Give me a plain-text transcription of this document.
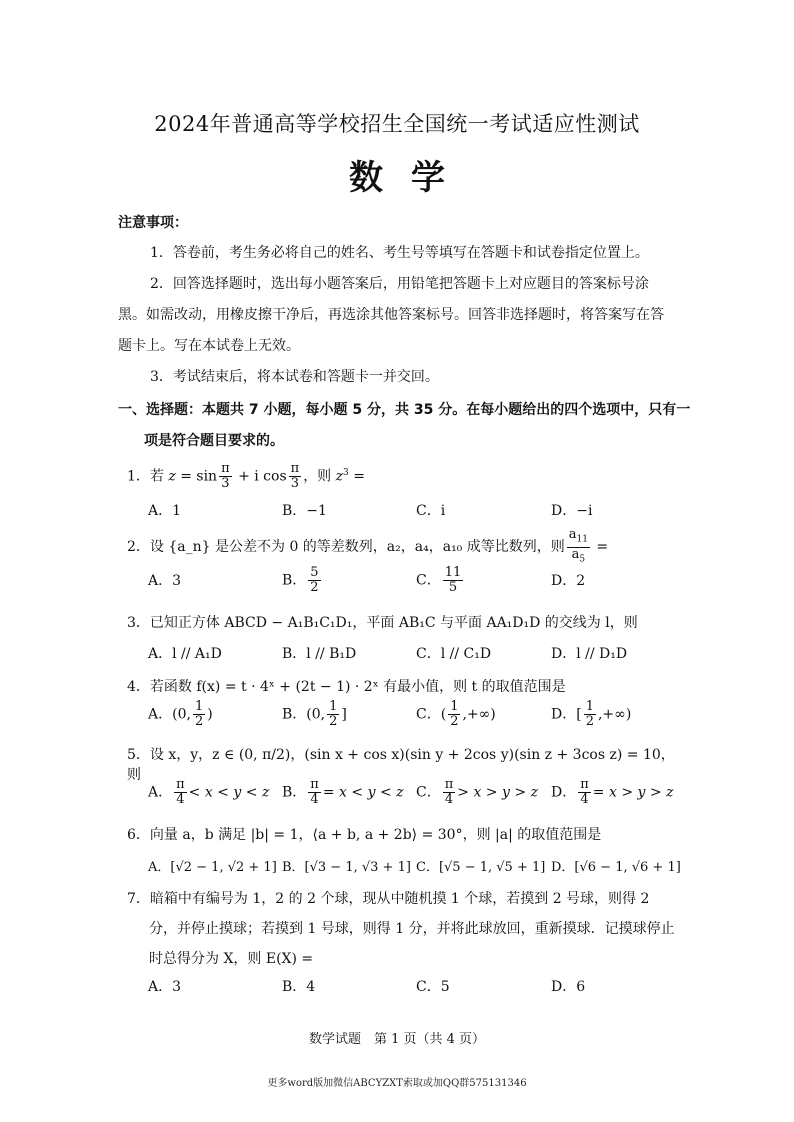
2024年普通高等学校招生全国统一考试适应性测试
数学
注意事项：
1．答卷前，考生务必将自己的姓名、考生号等填写在答题卡和试卷指定位置上。
2．回答选择题时，选出每小题答案后，用铅笔把答题卡上对应题目的答案标号涂黑。如需改动，用橡皮擦干净后，再选涂其他答案标号。回答非选择题时，将答案写在答题卡上。写在本试卷上无效。
3．考试结束后，将本试卷和答题卡一并交回。
一、选择题：本题共 7 小题，每小题 5 分，共 35 分。在每小题给出的四个选项中，只有一项是符合题目要求的。
1．若 $z = \sin \frac{\pi}{3} + i$ $\cos \frac{\pi}{3}$ ，则 $z^3$ =
A．1	B．−1	C．i	D．−i
2．设 {a_n} 是公差不为 0 的等差数列，a₂，a₄，a₁₀ 成等比数列，则 $\frac{a_{11}}{a_5}$ =
A．3	B． $\frac{5}{2}$	C． $\frac{11}{5}$	D．2
3．已知正方体 ABCD − A₁B₁C₁D₁，平面 AB₁C 与平面 AA₁D₁D 的交线为 l，则
A．l // A₁D	B．l // B₁D	C．l // C₁D	D．l // D₁D
4．若函数 f(x) = t · 4ˣ + (2t − 1) · 2ˣ 有最小值，则 t 的取值范围是
A．(0, $\frac{1}{2}$ )	B．(0, $\frac{1}{2}$ ]	C．( $\frac{1}{2}$ ,+∞)	D．[ $\frac{1}{2}$ ,+∞)
5．设 x，y，z ∈ (0, π/2)，(sin x + cos x)(sin y + 2cos y)(sin z + 3cos z) = 10，则
A． $\frac{\pi}{4} < x < y < z$ B． $\frac{\pi}{4} = x < y < z$ C． $\frac{\pi}{4} > x > y > z$ D． $\frac{\pi}{4} = x > y > z$
6．向量 a，b 满足 |b| = 1，⟨a + b, a + 2b⟩ = 30°，则 |a| 的取值范围是
A．[√2 − 1, √2 + 1] B．[√3 − 1, √3 + 1] C．[√5 − 1, √5 + 1] D．[√6 − 1, √6 + 1]
7．暗箱中有编号为 1，2 的 2 个球，现从中随机摸 1 个球，若摸到 2 号球，则得 2 分，并停止摸球；若摸到 1 号球，则得 1 分，并将此球放回，重新摸球．记摸球停止时总得分为 X，则 E(X) =
A．3	B．4	C．5	D．6
数学试题　第 1 页（共 4 页）
更多word版加微信ABCYZXT索取或加QQ群575131346
